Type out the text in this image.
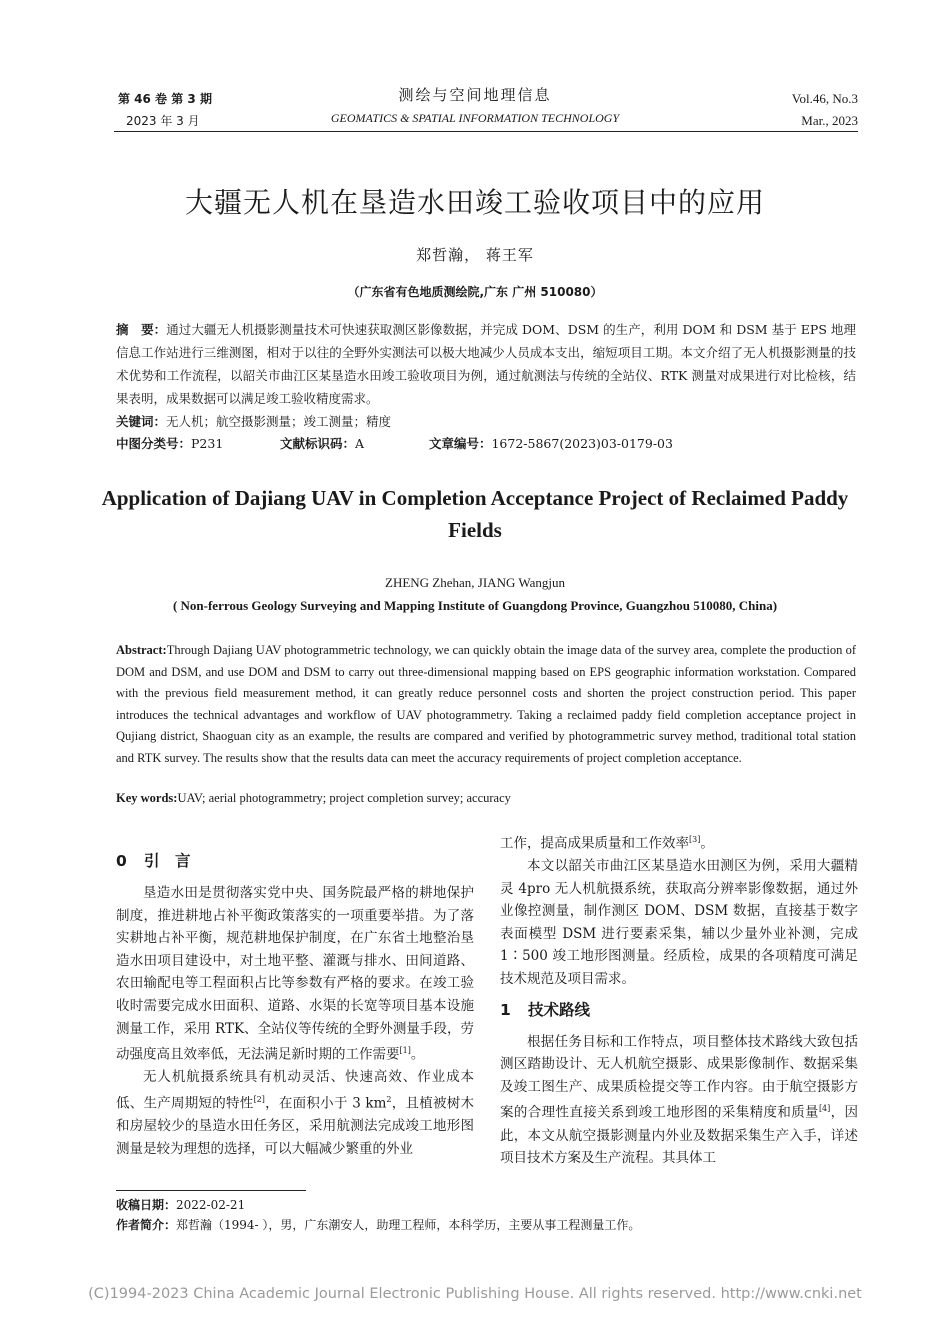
第 46 卷 第 3 期
2023 年 3 月
测绘与空间地理信息
GEOMATICS & SPATIAL INFORMATION TECHNOLOGY
Vol.46, No.3
Mar., 2023
大疆无人机在垦造水田竣工验收项目中的应用
郑哲瀚， 蒋王军
（广东省有色地质测绘院,广东 广州 510080）
摘　要：通过大疆无人机摄影测量技术可快速获取测区影像数据，并完成 DOM、DSM 的生产，利用 DOM 和 DSM 基于 EPS 地理信息工作站进行三维测图，相对于以往的全野外实测法可以极大地减少人员成本支出，缩短项目工期。本文介绍了无人机摄影测量的技术优势和工作流程，以韶关市曲江区某垦造水田竣工验收项目为例，通过航测法与传统的全站仪、RTK 测量对成果进行对比检核，结果表明，成果数据可以满足竣工验收精度需求。
关键词：无人机；航空摄影测量；竣工测量；精度
中图分类号：P231	文献标识码：A	文章编号：1672-5867(2023)03-0179-03
Application of Dajiang UAV in Completion Acceptance Project of Reclaimed Paddy Fields
ZHENG Zhehan, JIANG Wangjun
( Non-ferrous Geology Surveying and Mapping Institute of Guangdong Province, Guangzhou 510080, China)
Abstract:Through Dajiang UAV photogrammetric technology, we can quickly obtain the image data of the survey area, complete the production of DOM and DSM, and use DOM and DSM to carry out three-dimensional mapping based on EPS geographic information workstation. Compared with the previous field measurement method, it can greatly reduce personnel costs and shorten the project construction period. This paper introduces the technical advantages and workflow of UAV photogrammetry. Taking a reclaimed paddy field completion acceptance project in Qujiang district, Shaoguan city as an example, the results are compared and verified by photogrammetric survey method, traditional total station and RTK survey. The results show that the results data can meet the accuracy requirements of project completion acceptance.
Key words:UAV; aerial photogrammetry; project completion survey; accuracy
0 引　言

垦造水田是贯彻落实党中央、国务院最严格的耕地保护制度，推进耕地占补平衡政策落实的一项重要举措。为了落实耕地占补平衡，规范耕地保护制度，在广东省土地整治垦造水田项目建设中，对土地平整、灌溉与排水、田间道路、农田输配电等工程面积占比等参数有严格的要求。在竣工验收时需要完成水田面积、道路、水渠的长宽等项目基本设施测量工作，采用 RTK、全站仪等传统的全野外测量手段，劳动强度高且效率低，无法满足新时期的工作需要[1]。

无人机航摄系统具有机动灵活、快速高效、作业成本低、生产周期短的特性[2]，在面积小于 3 $km^2$，且植被树木和房屋较少的垦造水田任务区，采用航测法完成竣工地形图测量是较为理想的选择，可以大幅减少繁重的外业

工作，提高成果质量和工作效率[3]。

本文以韶关市曲江区某垦造水田测区为例，采用大疆精灵 4pro 无人机航摄系统，获取高分辨率影像数据，通过外业像控测量，制作测区 DOM、DSM 数据，直接基于数字表面模型 DSM 进行要素采集，辅以少量外业补测，完成 1∶500 竣工地形图测量。经质检，成果的各项精度可满足技术规范及项目需求。

1 技术路线

根据任务目标和工作特点，项目整体技术路线大致包括测区踏勘设计、无人机航空摄影、成果影像制作、数据采集及竣工图生产、成果质检提交等工作内容。由于航空摄影方案的合理性直接关系到竣工地形图的采集精度和质量[4]，因此，本文从航空摄影测量内外业及数据采集生产入手，详述项目技术方案及生产流程。其具体工

收稿日期：2022-02-21
作者简介：郑哲瀚（1994- ），男，广东潮安人，助理工程师，本科学历，主要从事工程测量工作。
(C)1994-2023 China Academic Journal Electronic Publishing House. All rights reserved. http://www.cnki.net
